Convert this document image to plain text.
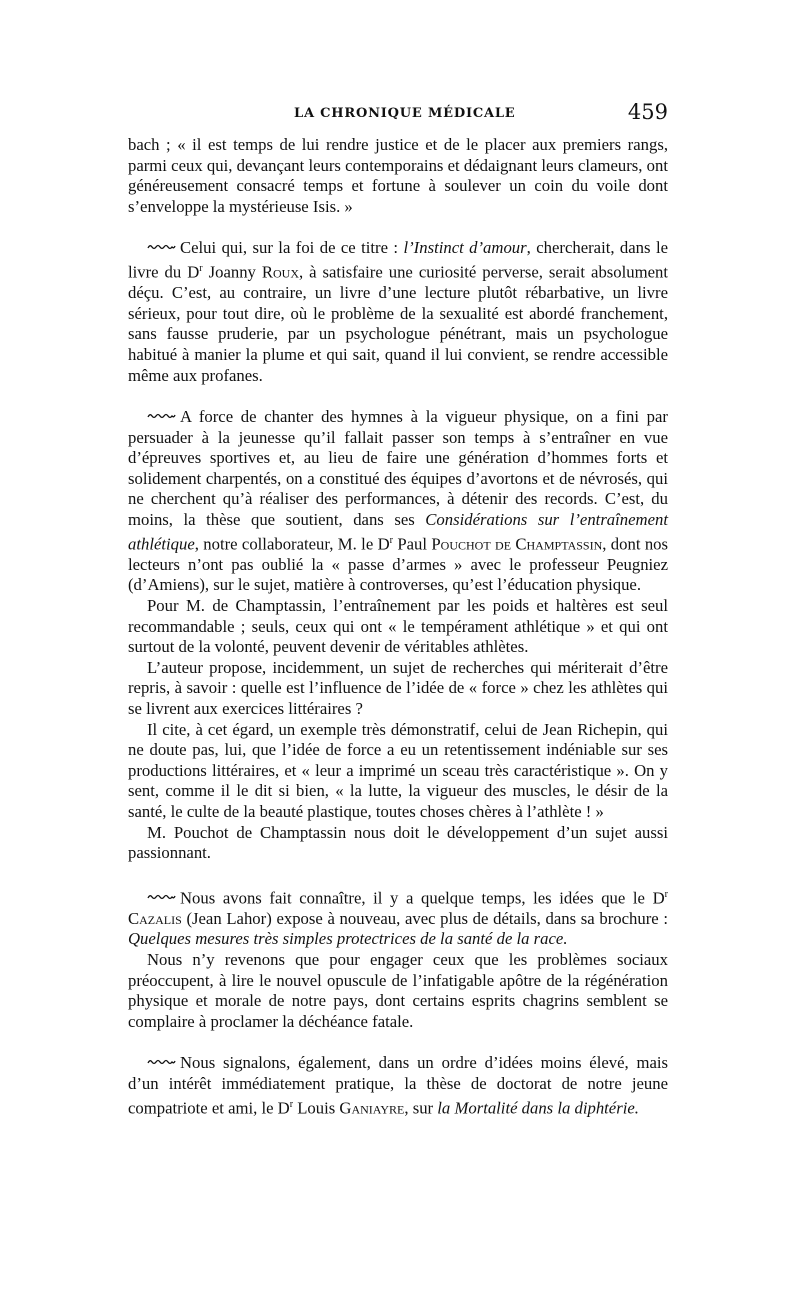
LA CHRONIQUE MÉDICALE	459

bach ; « il est temps de lui rendre justice et de le placer aux premiers rangs, parmi ceux qui, devançant leurs contemporains et dédaignant leurs clameurs, ont généreusement consacré temps et fortune à soulever un coin du voile dont s’enveloppe la mystérieuse Isis. »

Celui qui, sur la foi de ce titre : l’Instinct d’amour, chercherait, dans le livre du $D^r$ Joanny Roux, à satisfaire une curiosité perverse, serait absolument déçu. C’est, au contraire, un livre d’une lecture plutôt rébarbative, un livre sérieux, pour tout dire, où le problème de la sexualité est abordé franchement, sans fausse pruderie, par un psychologue pénétrant, mais un psychologue habitué à manier la plume et qui sait, quand il lui convient, se rendre accessible même aux profanes.

A force de chanter des hymnes à la vigueur physique, on a fini par persuader à la jeunesse qu’il fallait passer son temps à s’entraîner en vue d’épreuves sportives et, au lieu de faire une génération d’hommes forts et solidement charpentés, on a constitué des équipes d’avortons et de névrosés, qui ne cherchent qu’à réaliser des performances, à détenir des records. C’est, du moins, la thèse que soutient, dans ses Considérations sur l’entraînement athlétique, notre collaborateur, M. le $D^r$ Paul Pouchot de Champtassin, dont nos lecteurs n’ont pas oublié la « passe d’armes » avec le professeur Peugniez (d’Amiens), sur le sujet, matière à controverses, qu’est l’éducation physique.

Pour M. de Champtassin, l’entraînement par les poids et haltères est seul recommandable ; seuls, ceux qui ont « le tempérament athlétique » et qui ont surtout de la volonté, peuvent devenir de véritables athlètes.

L’auteur propose, incidemment, un sujet de recherches qui mériterait d’être repris, à savoir : quelle est l’influence de l’idée de « force » chez les athlètes qui se livrent aux exercices littéraires ?

Il cite, à cet égard, un exemple très démonstratif, celui de Jean Richepin, qui ne doute pas, lui, que l’idée de force a eu un retentissement indéniable sur ses productions littéraires, et « leur a imprimé un sceau très caractéristique ». On y sent, comme il le dit si bien, « la lutte, la vigueur des muscles, le désir de la santé, le culte de la beauté plastique, toutes choses chères à l’athlète ! »

M. Pouchot de Champtassin nous doit le développement d’un sujet aussi passionnant.

Nous avons fait connaître, il y a quelque temps, les idées que le $D^r$ Cazalis (Jean Lahor) expose à nouveau, avec plus de détails, dans sa brochure : Quelques mesures très simples protectrices de la santé de la race.

Nous n’y revenons que pour engager ceux que les problèmes sociaux préoccupent, à lire le nouvel opuscule de l’infatigable apôtre de la régénération physique et morale de notre pays, dont certains esprits chagrins semblent se complaire à proclamer la déchéance fatale.

Nous signalons, également, dans un ordre d’idées moins élevé, mais d’un intérêt immédiatement pratique, la thèse de doctorat de notre jeune compatriote et ami, le $D^r$ Louis Ganiayre, sur la Mortalité dans la diphtérie.
